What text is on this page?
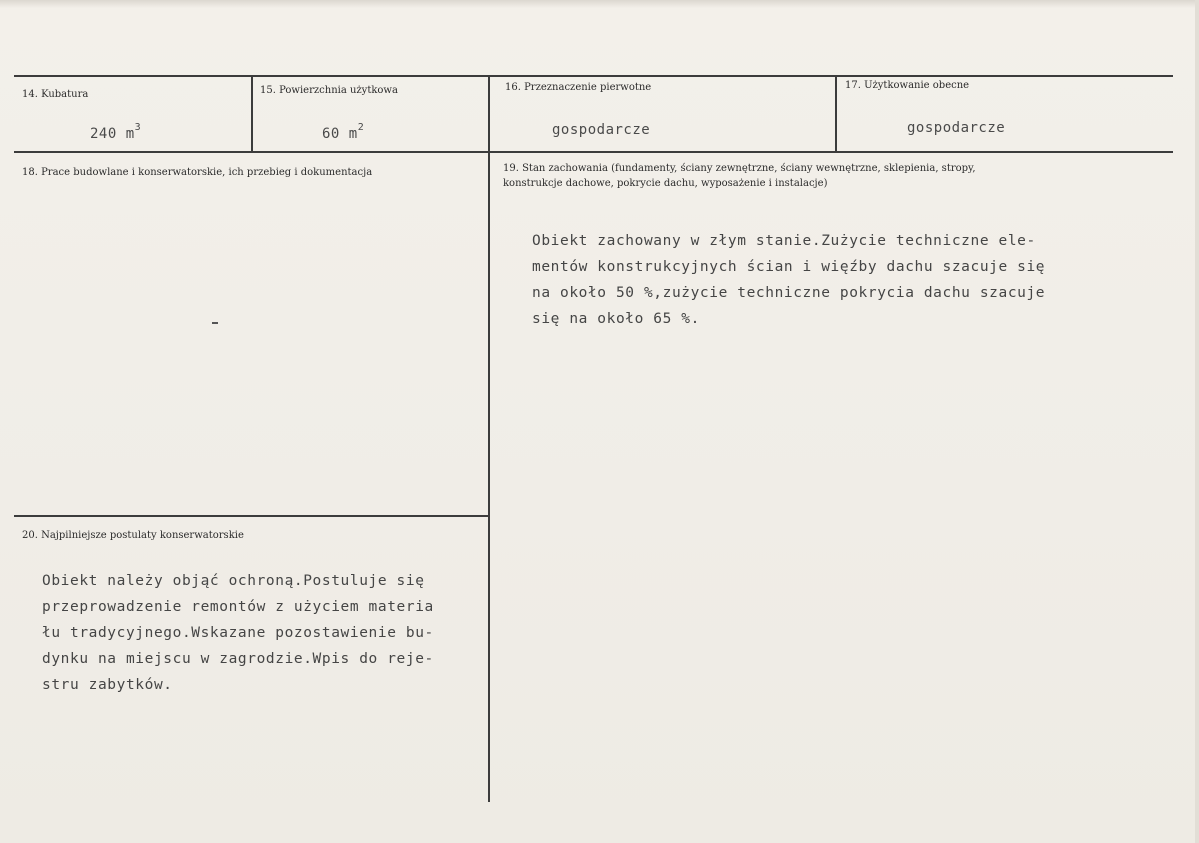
14. Kubatura
240 $m^3$
15. Powierzchnia użytkowa
60 $m^2$
16. Przeznaczenie pierwotne
gospodarcze
17. Użytkowanie obecne
gospodarcze
18. Prace budowlane i konserwatorskie, ich przebieg i dokumentacja	19. Stan zachowania (fundamenty, ściany zewnętrzne, ściany wewnętrzne, sklepienia, stropy,
konstrukcje dachowe, pokrycie dachu, wyposażenie i instalacje)
Obiekt zachowany w złym stanie.Zużycie techniczne ele-
mentów konstrukcyjnych ścian i więźby dachu szacuje się
na około 50 %,zużycie techniczne pokrycia dachu szacuje
się na około 65 %.
20. Najpilniejsze postulaty konserwatorskie
Obiekt należy objąć ochroną.Postuluje się
przeprowadzenie remontów z użyciem materia
łu tradycyjnego.Wskazane pozostawienie bu-
dynku na miejscu w zagrodzie.Wpis do reje-
stru zabytków.
